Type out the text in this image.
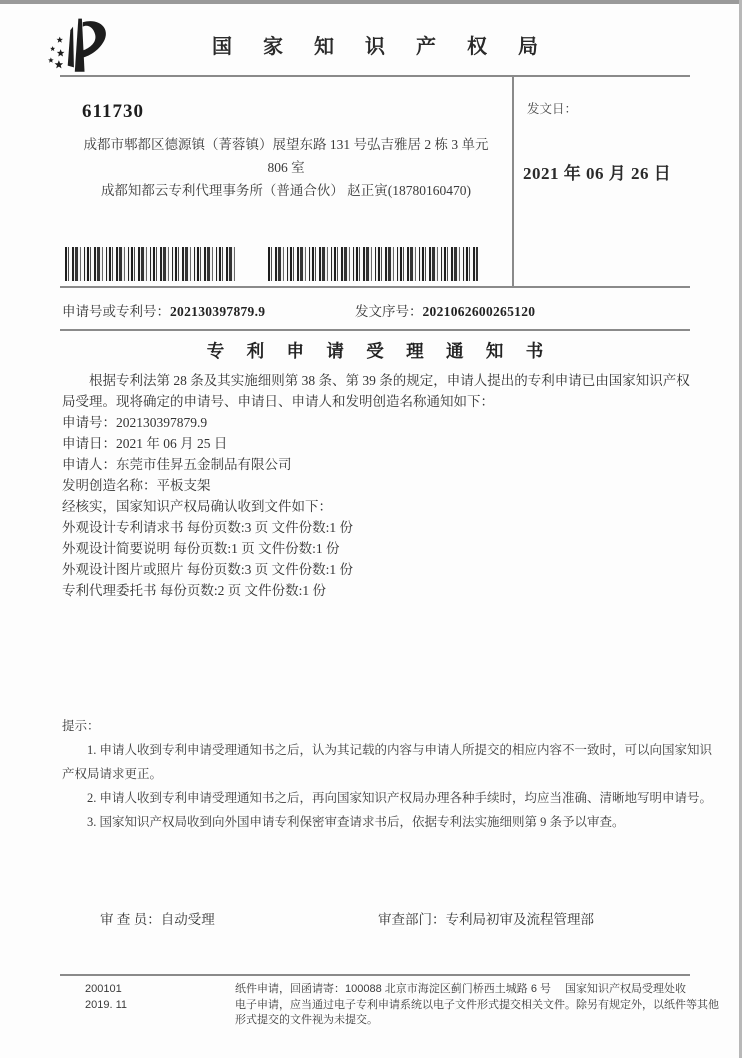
国 家 知 识 产 权 局
611730
成都市郫都区德源镇（菁蓉镇）展望东路 131 号弘吉雅居 2 栋 3 单元
806 室
成都知都云专利代理事务所（普通合伙） 赵正寅(18780160470)
发文日：
2021 年 06 月 26 日
申请号或专利号：202130397879.9	发文序号：2021062600265120
专 利 申 请 受 理 通 知 书

根据专利法第 28 条及其实施细则第 38 条、第 39 条的规定，申请人提出的专利申请已由国家知识产权局受理。现将确定的申请号、申请日、申请人和发明创造名称通知如下：

申请号：202130397879.9

申请日：2021 年 06 月 25 日

申请人：东莞市佳昇五金制品有限公司

发明创造名称：平板支架

经核实，国家知识产权局确认收到文件如下：

外观设计专利请求书 每份页数:3 页 文件份数:1 份

外观设计简要说明 每份页数:1 页 文件份数:1 份

外观设计图片或照片 每份页数:3 页 文件份数:1 份

专利代理委托书 每份页数:2 页 文件份数:1 份

提示：

1. 申请人收到专利申请受理通知书之后，认为其记载的内容与申请人所提交的相应内容不一致时，可以向国家知识产权局请求更正。

2. 申请人收到专利申请受理通知书之后，再向国家知识产权局办理各种手续时，均应当准确、清晰地写明申请号。

3. 国家知识产权局收到向外国申请专利保密审查请求书后，依据专利法实施细则第 9 条予以审查。

审 查 员：自动受理	审查部门：专利局初审及流程管理部
200101
2019. 11

纸件申请，回函请寄：100088 北京市海淀区蓟门桥西土城路 6 号　 国家知识产权局受理处收

电子申请，应当通过电子专利申请系统以电子文件形式提交相关文件。除另有规定外，以纸件等其他形式提交的文件视为未提交。
